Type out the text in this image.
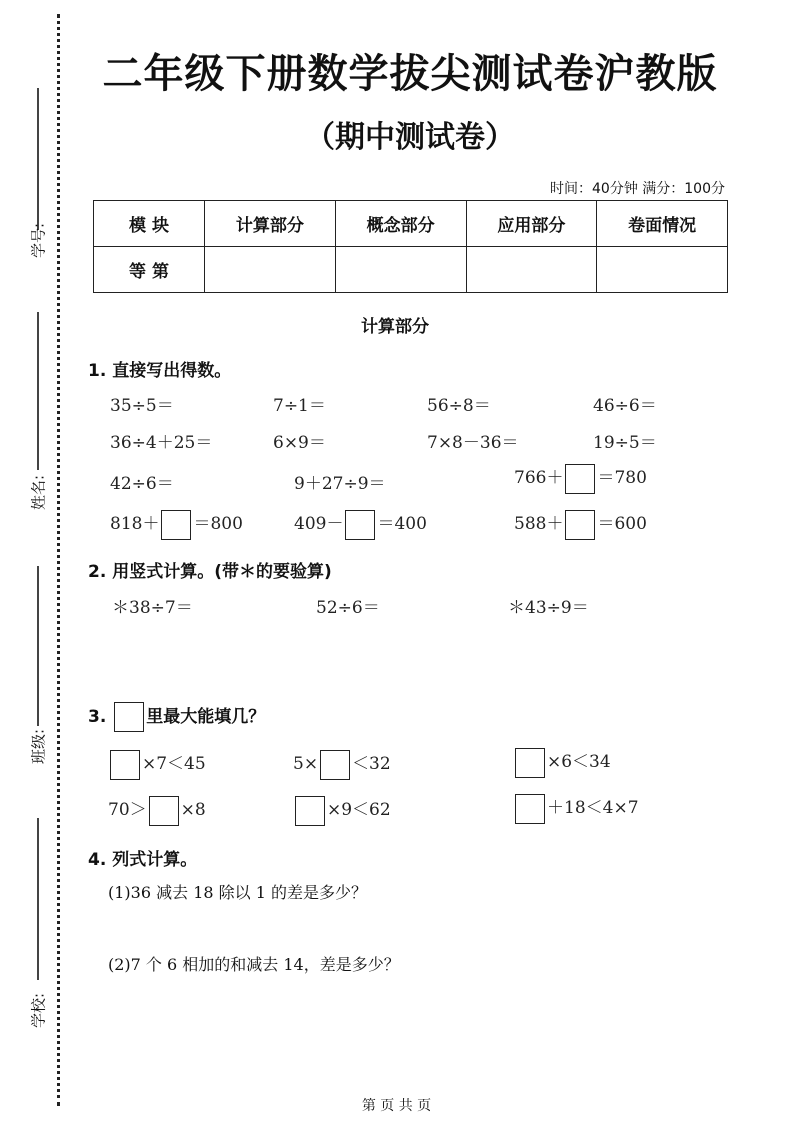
学号:
姓名:
班级:
学校:
二年级下册数学拔尖测试卷沪教版
（期中测试卷）
时间：40分钟 满分：100分
模 块	计算部分	概念部分	应用部分	卷面情况
等 第				
计算部分
1. 直接写出得数。
35÷5＝	7÷1＝	56÷8＝	46÷6＝
36÷4＋25＝	6×9＝	7×8－36＝	19÷5＝
42÷6＝	9＋27÷9＝	766＋ ＝780
818＋ ＝800	409－ ＝400	588＋ ＝600
2. 用竖式计算。(带＊的要验算)
＊38÷7＝	52÷6＝	＊43÷9＝
3. 里最大能填几？
×7＜45	5× ＜32	×6＜34
70＞ ×8	×9＜62	＋18＜4×7
4. 列式计算。
(1)36 减去 18 除以 1 的差是多少？
(2)7 个 6 相加的和减去 14，差是多少？
第 页 共 页
